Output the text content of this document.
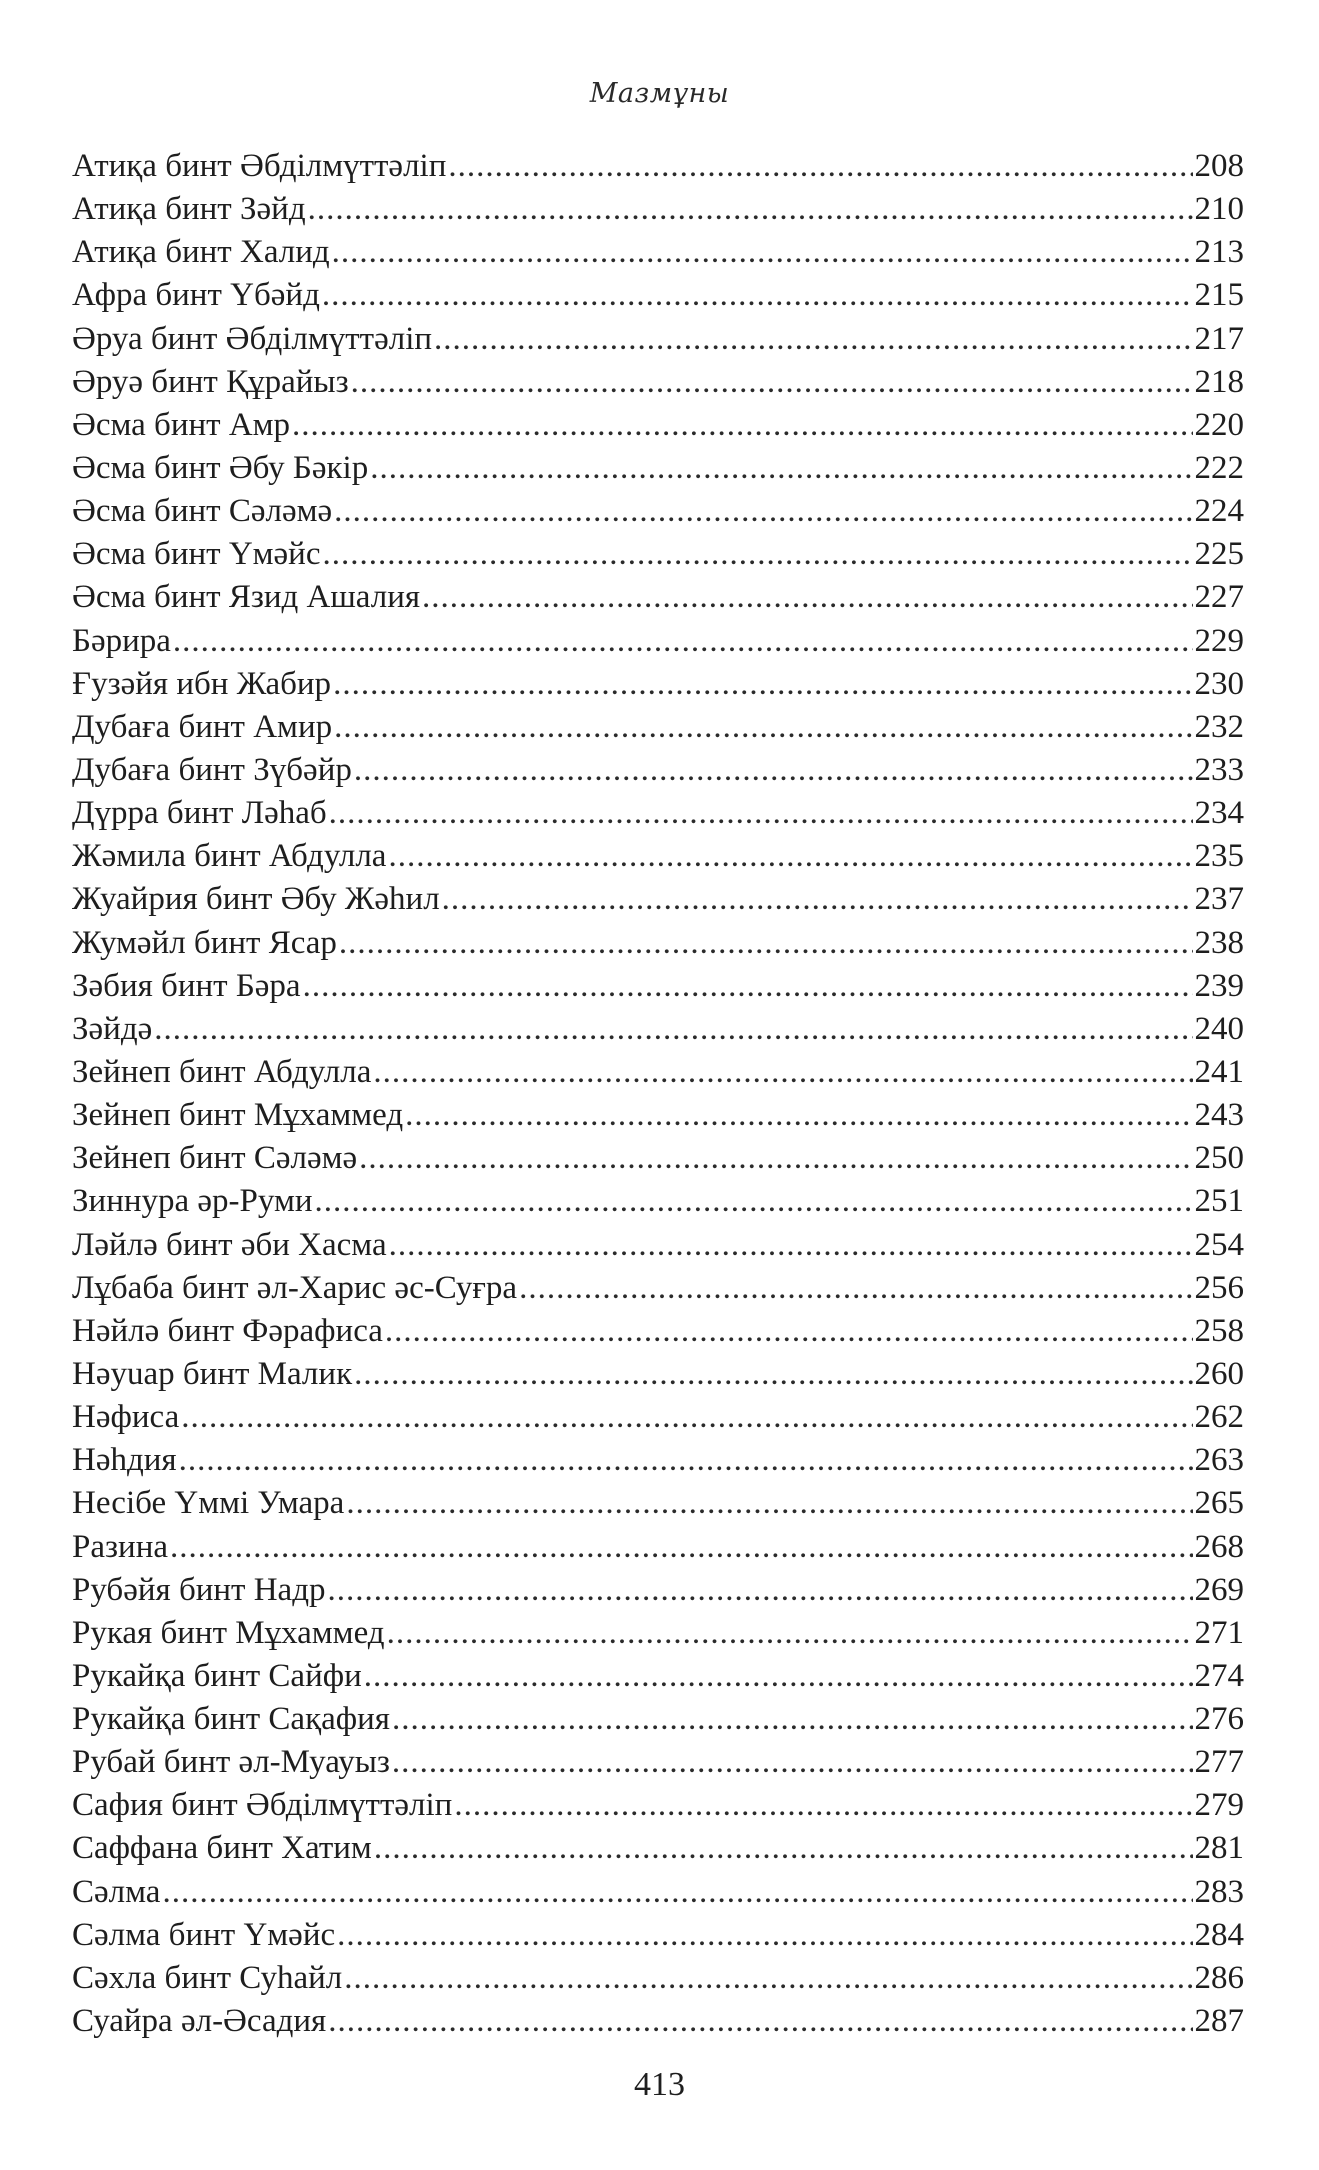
Мазмұны
Атиқа бинт Әбділмүттәліп .....	208
Атиқа бинт Зәйд .....	210
Атиқа бинт Халид .....	213
Афра бинт Үбәйд .....	215
Әруа бинт Әбділмүттәліп .....	217
Әруә бинт Құрайыз .....	218
Әсма бинт Амр .....	220
Әсма бинт Әбу Бәкір .....	222
Әсма бинт Сәләмә .....	224
Әсма бинт Үмәйс .....	225
Әсма бинт Язид Ашалия .....	227
Бәрира .....	229
Ғузәйя ибн Жабир .....	230
Дубаға бинт Амир .....	232
Дубаға бинт Зүбәйр .....	233
Дүрра бинт Ләһаб .....	234
Жәмила бинт Абдулла .....	235
Жуайрия бинт Әбу Жәһил .....	237
Жумәйл бинт Ясар .....	238
Зәбия бинт Бәра .....	239
Зәйдә .....	240
Зейнеп бинт Абдулла .....	241
Зейнеп бинт Мұхаммед .....	243
Зейнеп бинт Сәләмә .....	250
Зиннура әр-Руми .....	251
Ләйлә бинт әби Хасма .....	254
Лұбаба бинт әл-Харис әс-Суғра .....	256
Нәйлә бинт Фәрафиса .....	258
Нәуuар бинт Малик .....	260
Нәфиса .....	262
Нәһдия .....	263
Несібе Үммі Умара .....	265
Разина .....	268
Рубәйя бинт Надр .....	269
Рукая бинт Мұхаммед .....	271
Рукайқа бинт Сайфи .....	274
Рукайқа бинт Сақафия .....	276
Рубай бинт әл-Муауыз .....	277
Сафия бинт Әбділмүттәліп .....	279
Саффана бинт Хатим .....	281
Сәлма .....	283
Сәлма бинт Үмәйс .....	284
Сәхла бинт Суһайл .....	286
Суайра әл-Әсадия .....	287
413
